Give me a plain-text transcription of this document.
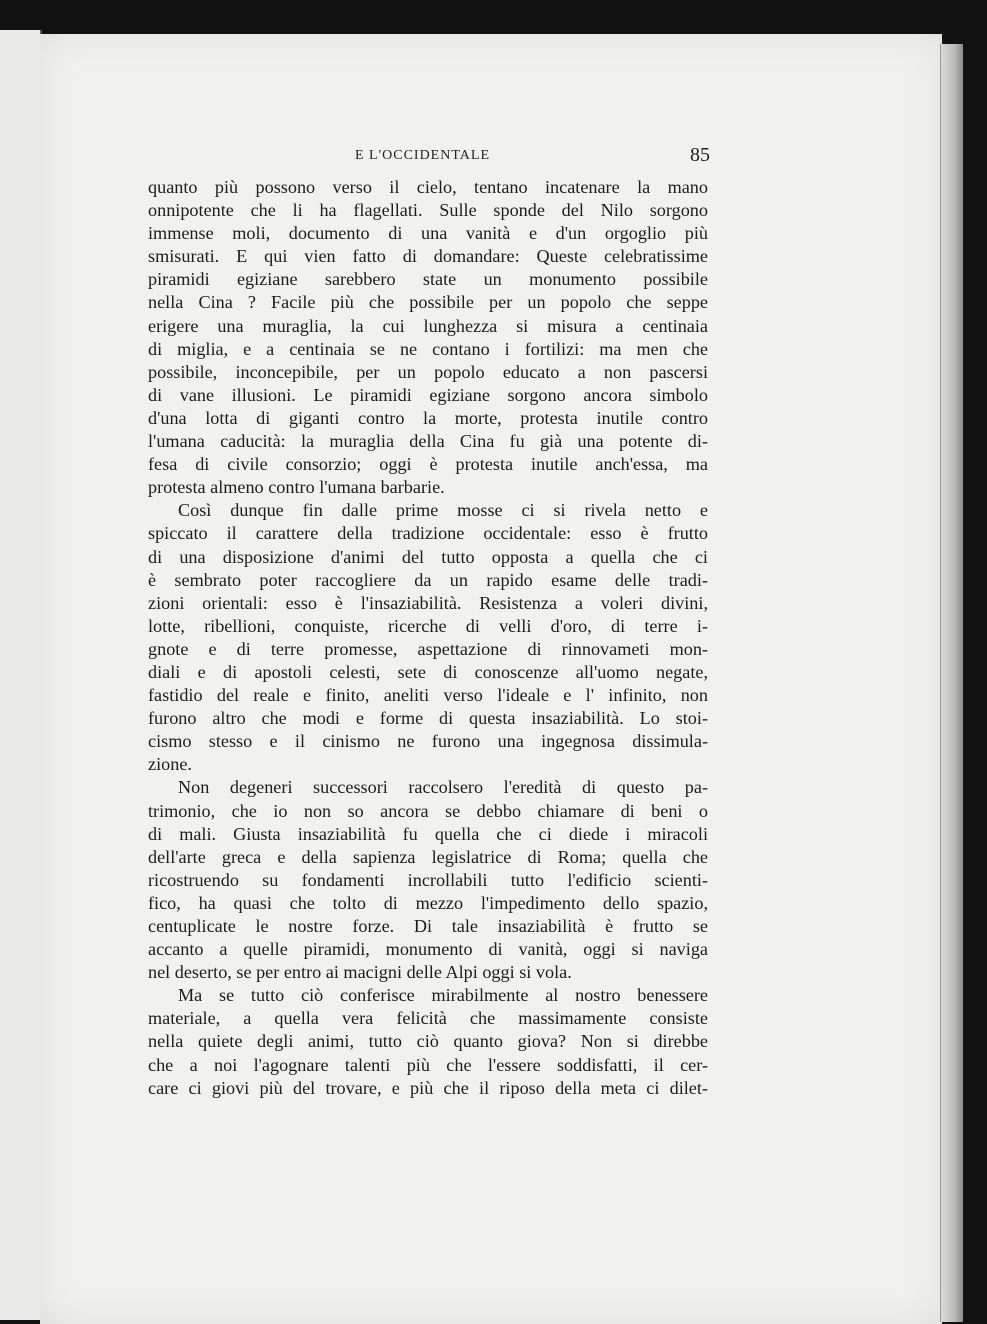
E L'OCCIDENTALE	85
quanto più possono verso il cielo, tentano incatenare la mano
onnipotente che li ha flagellati. Sulle sponde del Nilo sorgono
immense moli, documento di una vanità e d'un orgoglio più
smisurati. E qui vien fatto di domandare: Queste celebratissime
piramidi egiziane sarebbero state un monumento possibile
nella Cina ? Facile più che possibile per un popolo che seppe
erigere una muraglia, la cui lunghezza si misura a centinaia
di miglia, e a centinaia se ne contano i fortilizi: ma men che
possibile, inconcepibile, per un popolo educato a non pascersi
di vane illusioni. Le piramidi egiziane sorgono ancora simbolo
d'una lotta di giganti contro la morte, protesta inutile contro
l'umana caducità: la muraglia della Cina fu già una potente di-
fesa di civile consorzio; oggi è protesta inutile anch'essa, ma
protesta almeno contro l'umana barbarie.
Così dunque fin dalle prime mosse ci si rivela netto e
spiccato il carattere della tradizione occidentale: esso è frutto
di una disposizione d'animi del tutto opposta a quella che ci
è sembrato poter raccogliere da un rapido esame delle tradi-
zioni orientali: esso è l'insaziabilità. Resistenza a voleri divini,
lotte, ribellioni, conquiste, ricerche di velli d'oro, di terre i-
gnote e di terre promesse, aspettazione di rinnovameti mon-
diali e di apostoli celesti, sete di conoscenze all'uomo negate,
fastidio del reale e finito, aneliti verso l'ideale e l' infinito, non
furono altro che modi e forme di questa insaziabilità. Lo stoi-
cismo stesso e il cinismo ne furono una ingegnosa dissimula-
zione.
Non degeneri successori raccolsero l'eredità di questo pa-
trimonio, che io non so ancora se debbo chiamare di beni o
di mali. Giusta insaziabilità fu quella che ci diede i miracoli
dell'arte greca e della sapienza legislatrice di Roma; quella che
ricostruendo su fondamenti incrollabili tutto l'edificio scienti-
fico, ha quasi che tolto di mezzo l'impedimento dello spazio,
centuplicate le nostre forze. Di tale insaziabilità è frutto se
accanto a quelle piramidi, monumento di vanità, oggi si naviga
nel deserto, se per entro ai macigni delle Alpi oggi si vola.
Ma se tutto ciò conferisce mirabilmente al nostro benessere
materiale, a quella vera felicità che massimamente consiste
nella quiete degli animi, tutto ciò quanto giova? Non si direbbe
che a noi l'agognare talenti più che l'essere soddisfatti, il cer-
care ci giovi più del trovare, e più che il riposo della meta ci dilet-
